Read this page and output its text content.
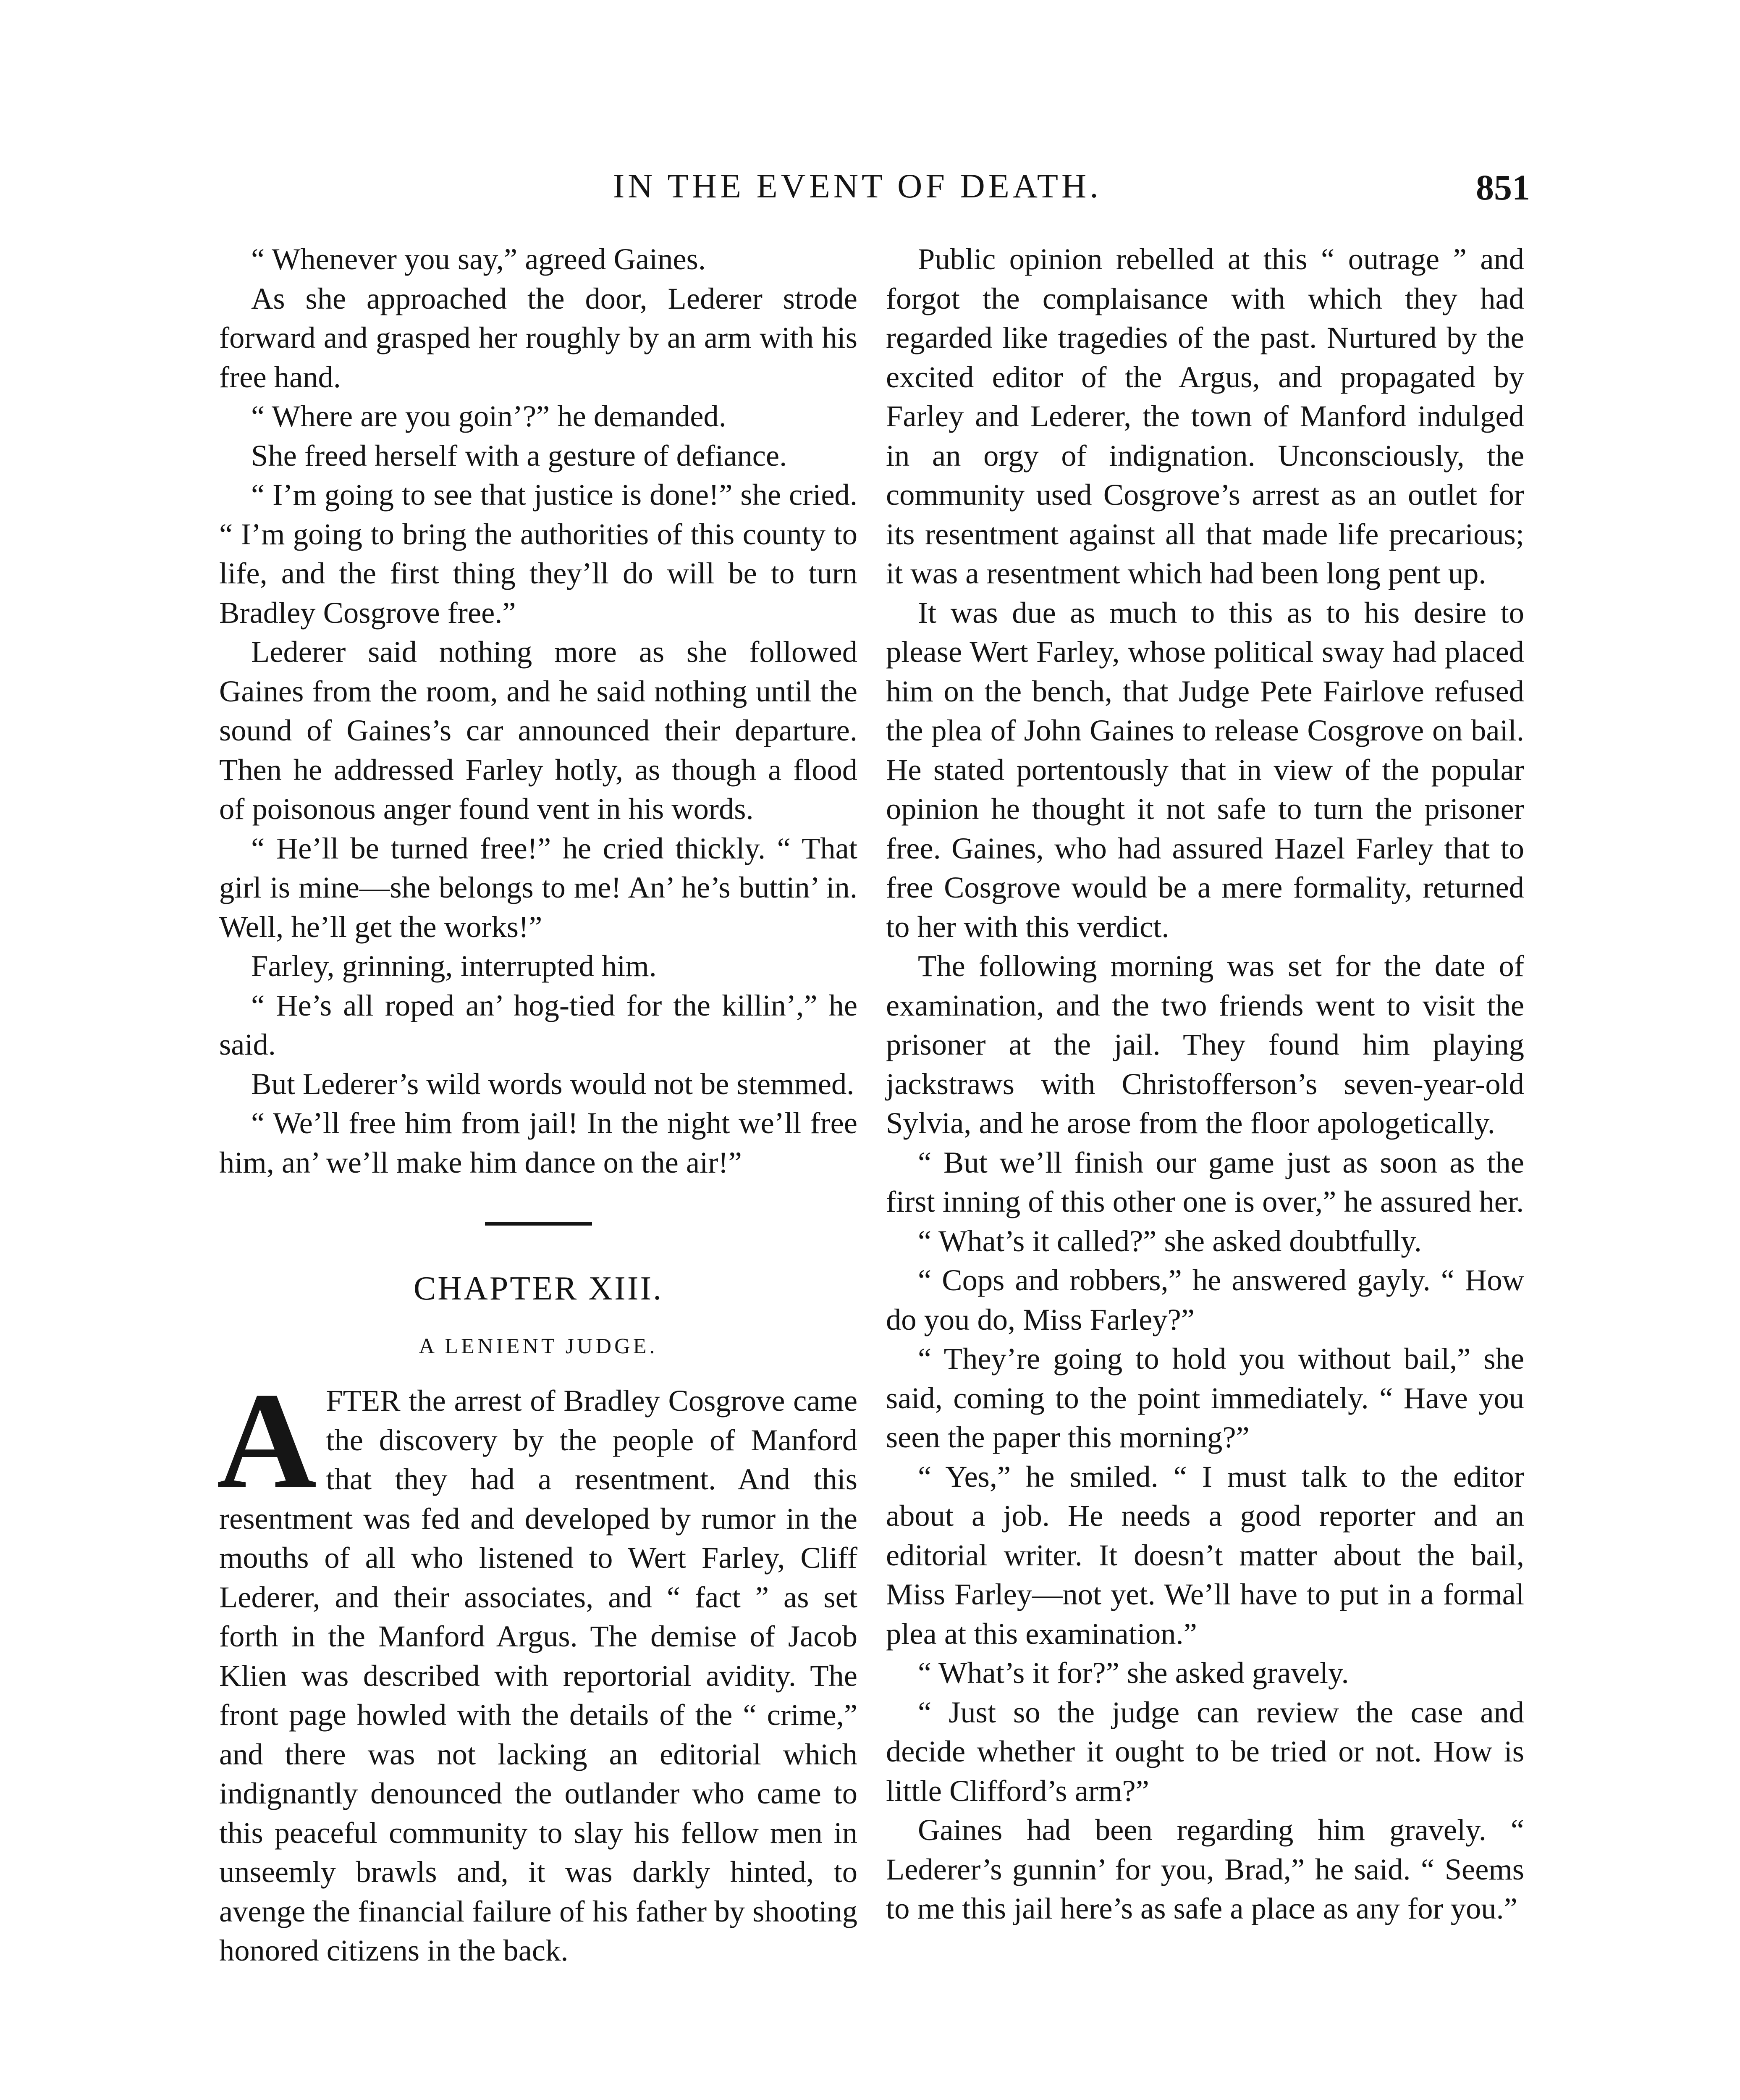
IN THE EVENT OF DEATH.	851

“ Whenever you say,” agreed Gaines.

As she approached the door, Lederer strode forward and grasped her roughly by an arm with his free hand.

“ Where are you goin’?” he demanded.

She freed herself with a gesture of defiance.

“ I’m going to see that justice is done!” she cried. “ I’m going to bring the authorities of this county to life, and the first thing they’ll do will be to turn Bradley Cosgrove free.”

Lederer said nothing more as she followed Gaines from the room, and he said nothing until the sound of Gaines’s car announced their departure. Then he addressed Farley hotly, as though a flood of poisonous anger found vent in his words.

“ He’ll be turned free!” he cried thickly. “ That girl is mine—she belongs to me! An’ he’s buttin’ in. Well, he’ll get the works!”

Farley, grinning, interrupted him.

“ He’s all roped an’ hog-tied for the killin’,” he said.

But Lederer’s wild words would not be stemmed.

“ We’ll free him from jail! In the night we’ll free him, an’ we’ll make him dance on the air!”

CHAPTER XIII.
A LENIENT JUDGE.

AFTER the arrest of Bradley Cosgrove came the discovery by the people of Manford that they had a resentment. And this resentment was fed and developed by rumor in the mouths of all who listened to Wert Farley, Cliff Lederer, and their associates, and “ fact ” as set forth in the Manford Argus. The demise of Jacob Klien was described with reportorial avidity. The front page howled with the details of the “ crime,” and there was not lacking an editorial which indignantly denounced the outlander who came to this peaceful community to slay his fellow men in unseemly brawls and, it was darkly hinted, to avenge the financial failure of his father by shooting honored citizens in the back.

Public opinion rebelled at this “ outrage ” and forgot the complaisance with which they had regarded like tragedies of the past. Nurtured by the excited editor of the Argus, and propagated by Farley and Lederer, the town of Manford indulged in an orgy of indignation. Unconsciously, the community used Cosgrove’s arrest as an outlet for its resentment against all that made life precarious; it was a resentment which had been long pent up.

It was due as much to this as to his desire to please Wert Farley, whose political sway had placed him on the bench, that Judge Pete Fairlove refused the plea of John Gaines to release Cosgrove on bail. He stated portentously that in view of the popular opinion he thought it not safe to turn the prisoner free. Gaines, who had assured Hazel Farley that to free Cosgrove would be a mere formality, returned to her with this verdict.

The following morning was set for the date of examination, and the two friends went to visit the prisoner at the jail. They found him playing jackstraws with Christofferson’s seven-year-old Sylvia, and he arose from the floor apologetically.

“ But we’ll finish our game just as soon as the first inning of this other one is over,” he assured her.

“ What’s it called?” she asked doubtfully.

“ Cops and robbers,” he answered gayly. “ How do you do, Miss Farley?”

“ They’re going to hold you without bail,” she said, coming to the point immediately. “ Have you seen the paper this morning?”

“ Yes,” he smiled. “ I must talk to the editor about a job. He needs a good reporter and an editorial writer. It doesn’t matter about the bail, Miss Farley—not yet. We’ll have to put in a formal plea at this examination.”

“ What’s it for?” she asked gravely.

“ Just so the judge can review the case and decide whether it ought to be tried or not. How is little Clifford’s arm?”

Gaines had been regarding him gravely. “ Lederer’s gunnin’ for you, Brad,” he said. “ Seems to me this jail here’s as safe a place as any for you.”
